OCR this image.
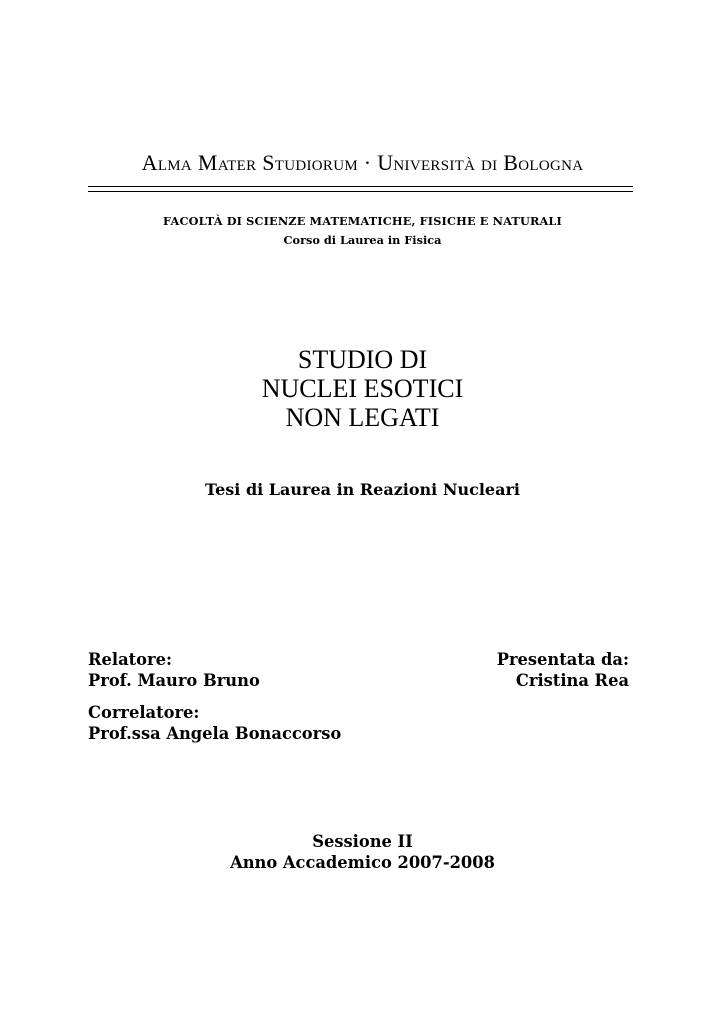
Alma Mater Studiorum · Università di Bologna
FACOLTÀ DI SCIENZE MATEMATICHE, FISICHE E NATURALI
Corso di Laurea in Fisica
STUDIO DI
NUCLEI ESOTICI
NON LEGATI
Tesi di Laurea in Reazioni Nucleari
Relatore:
Prof. Mauro Bruno
Presentata da:
Cristina Rea
Correlatore:
Prof.ssa Angela Bonaccorso
Sessione II
Anno Accademico 2007-2008
